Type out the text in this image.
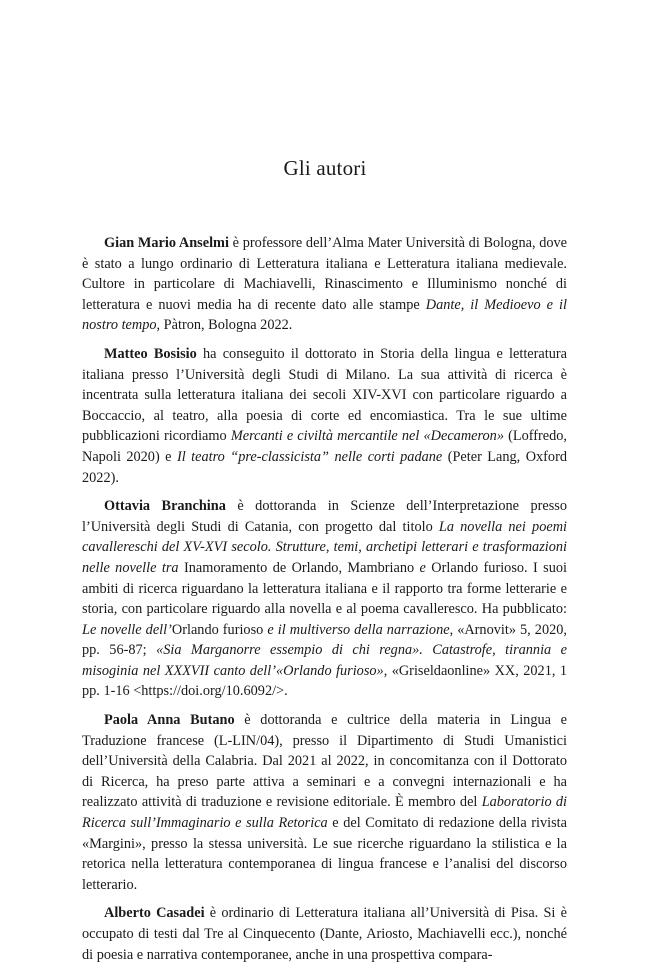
Gli autori

Gian Mario Anselmi è professore dell’Alma Mater Università di Bologna, dove è stato a lungo ordinario di Letteratura italiana e Letteratura italiana medievale. Cultore in particolare di Machiavelli, Rinascimento e Illuminismo nonché di letteratura e nuovi media ha di recente dato alle stampe Dante, il Medioevo e il nostro tempo, Pàtron, Bologna 2022.

Matteo Bosisio ha conseguito il dottorato in Storia della lingua e letteratura italiana presso l’Università degli Studi di Milano. La sua attività di ricerca è incentrata sulla letteratura italiana dei secoli XIV-XVI con particolare riguardo a Boccaccio, al teatro, alla poesia di corte ed encomiastica. Tra le sue ultime pubblicazioni ricordiamo Mercanti e civiltà mercantile nel «Decameron» (Loffredo, Napoli 2020) e Il teatro “pre-classicista” nelle corti padane (Peter Lang, Oxford 2022).

Ottavia Branchina è dottoranda in Scienze dell’Interpretazione presso l’Università degli Studi di Catania, con progetto dal titolo La novella nei poemi cavallereschi del XV-XVI secolo. Strutture, temi, archetipi letterari e trasformazioni nelle novelle tra Inamoramento de Orlando, Mambriano e Orlando furioso. I suoi ambiti di ricerca riguardano la letteratura italiana e il rapporto tra forme letterarie e storia, con particolare riguardo alla novella e al poema cavalleresco. Ha pubblicato: Le novelle dell’Orlando furioso e il multiverso della narrazione, «Arnovit» 5, 2020, pp. 56-87; «Sia Marganorre essempio di chi regna». Catastrofe, tirannia e misoginia nel XXXVII canto dell’«Orlando furioso», «Griseldaonline» XX, 2021, 1 pp. 1-16 <https://doi.org/10.6092/>.

Paola Anna Butano è dottoranda e cultrice della materia in Lingua e Traduzione francese (L-LIN/04), presso il Dipartimento di Studi Umanistici dell’Università della Calabria. Dal 2021 al 2022, in concomitanza con il Dottorato di Ricerca, ha preso parte attiva a seminari e a convegni internazionali e ha realizzato attività di traduzione e revisione editoriale. È membro del Laboratorio di Ricerca sull’Immaginario e sulla Retorica e del Comitato di redazione della rivista «Margini», presso la stessa università. Le sue ricerche riguardano la stilistica e la retorica nella letteratura contemporanea di lingua francese e l’analisi del discorso letterario.

Alberto Casadei è ordinario di Letteratura italiana all’Università di Pisa. Si è occupato di testi dal Tre al Cinquecento (Dante, Ariosto, Machiavelli ecc.), nonché di poesia e narrativa contemporanee, anche in una prospettiva compara-
